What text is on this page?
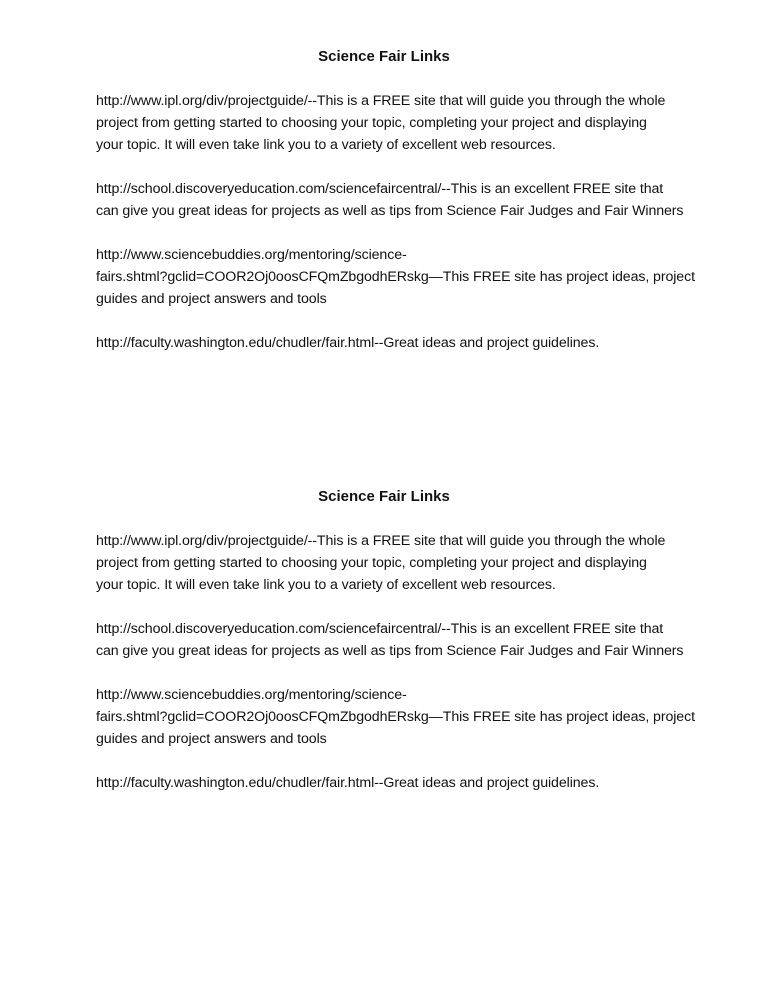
Science Fair Links
http://www.ipl.org/div/projectguide/--This is a FREE site that will guide you through the whole
project from getting started to choosing your topic, completing your project and displaying
your topic. It will even take link you to a variety of excellent web resources.
http://school.discoveryeducation.com/sciencefaircentral/--This is an excellent FREE site that
can give you great ideas for projects as well as tips from Science Fair Judges and Fair Winners
http://www.sciencebuddies.org/mentoring/science-
fairs.shtml?gclid=COOR2Oj0oosCFQmZbgodhERskg—This FREE site has project ideas, project
guides and project answers and tools
http://faculty.washington.edu/chudler/fair.html--Great ideas and project guidelines.
Science Fair Links
http://www.ipl.org/div/projectguide/--This is a FREE site that will guide you through the whole
project from getting started to choosing your topic, completing your project and displaying
your topic. It will even take link you to a variety of excellent web resources.
http://school.discoveryeducation.com/sciencefaircentral/--This is an excellent FREE site that
can give you great ideas for projects as well as tips from Science Fair Judges and Fair Winners
http://www.sciencebuddies.org/mentoring/science-
fairs.shtml?gclid=COOR2Oj0oosCFQmZbgodhERskg—This FREE site has project ideas, project
guides and project answers and tools
http://faculty.washington.edu/chudler/fair.html--Great ideas and project guidelines.
